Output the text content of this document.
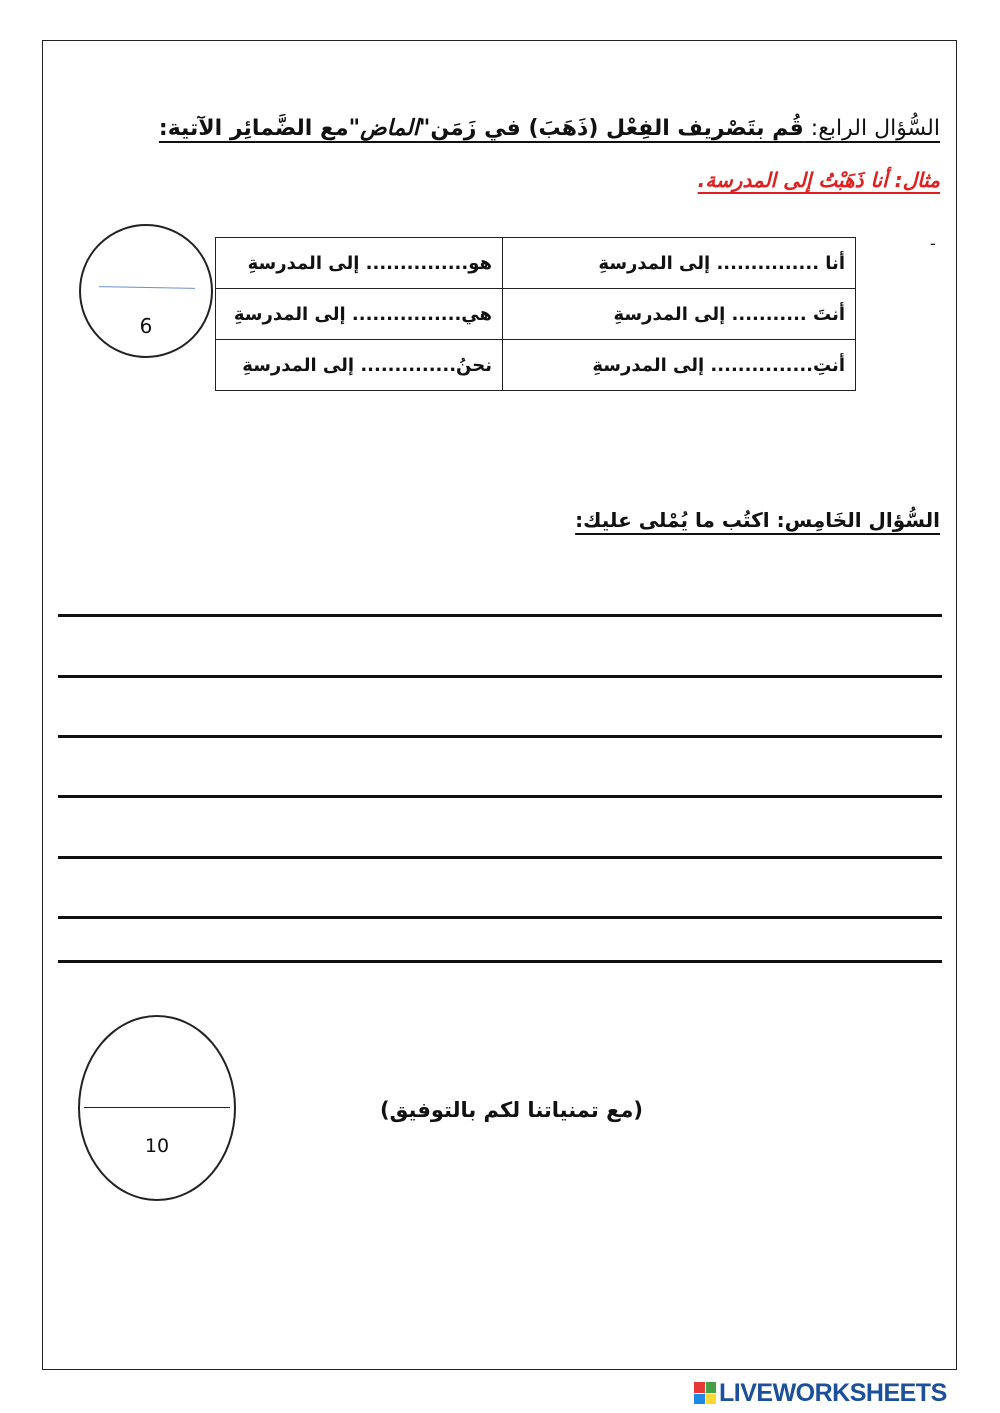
السُّؤال الرابع: قُم بتَصْريف الفِعْل (ذَهَبَ) في زَمَن"الماض"مع الضَّمائِر الآتية:
مثال: أنا ذَهَبْتُ إلى المدرسة.
-
أنا ............... إلى المدرسةِ	هو............... إلى المدرسةِ
أنتَ ........... إلى المدرسةِ	هي................ إلى المدرسةِ
أنتِ............... إلى المدرسةِ	نحنُ.............. إلى المدرسةِ
6
السُّؤال الخَامِس: اكتُب ما يُمْلى عليك:
10
(مع تمنياتنا لكم بالتوفيق)
LIVEWORKSHEETS
